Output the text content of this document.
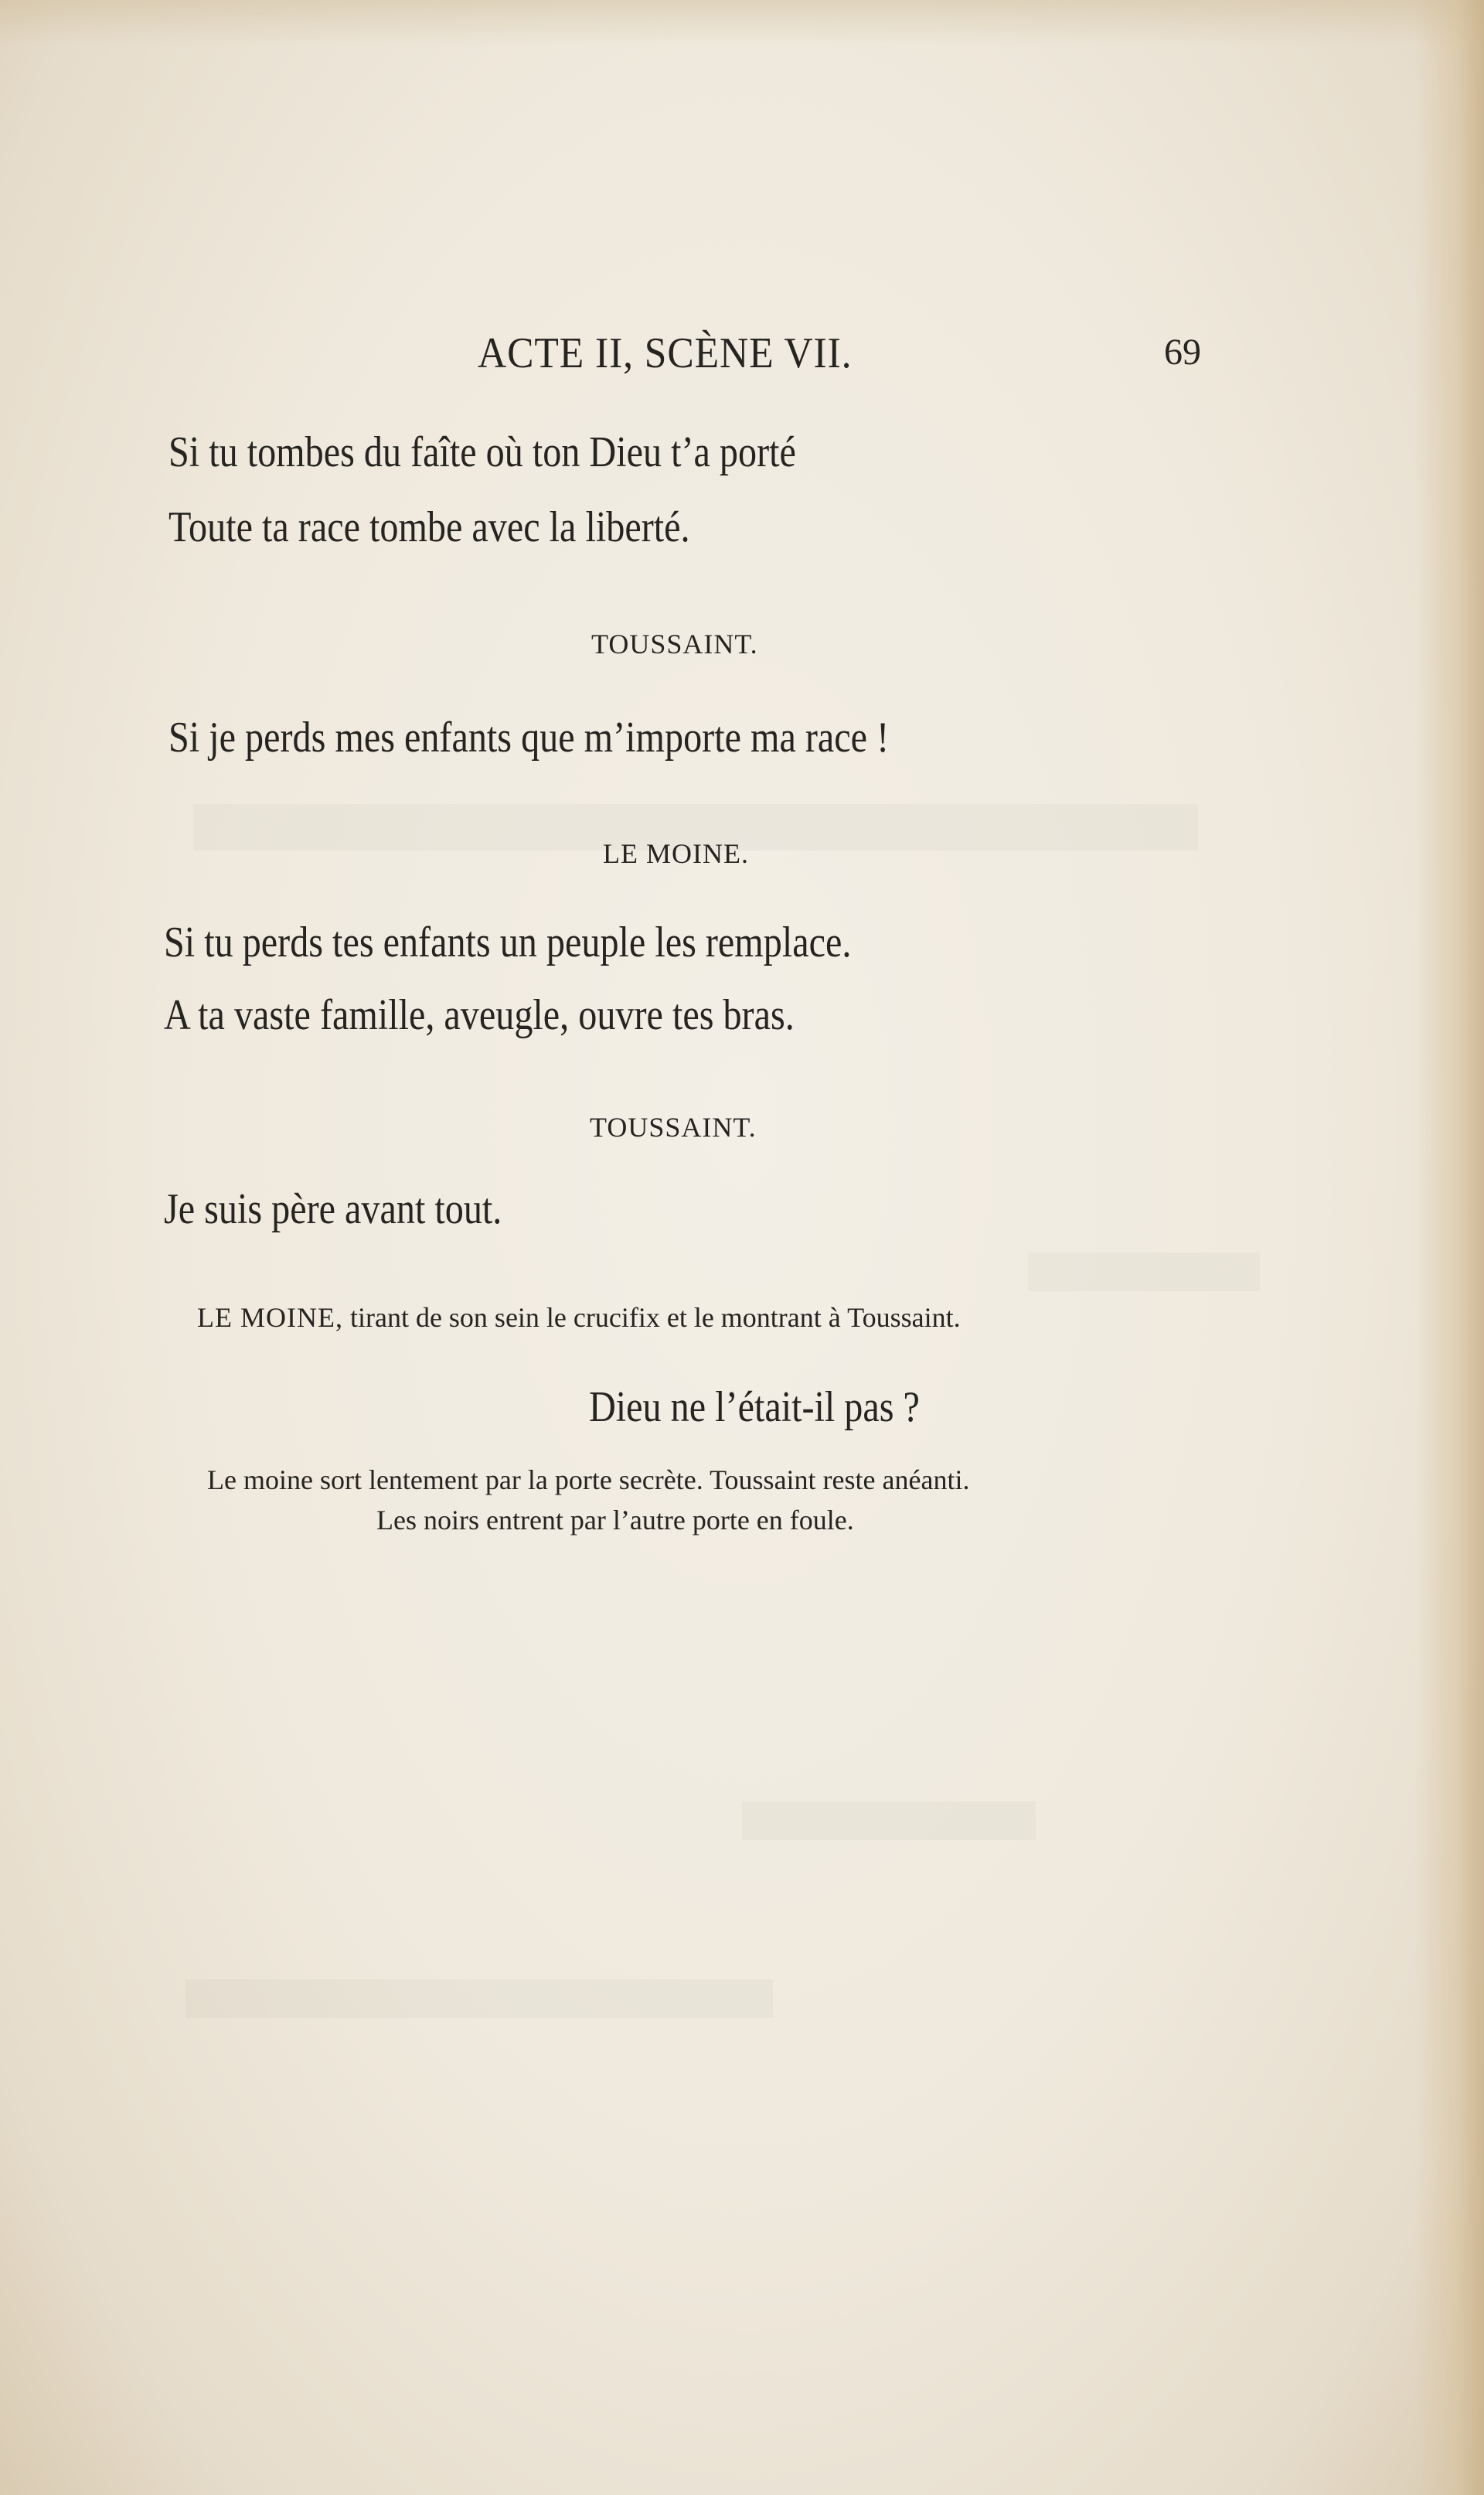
ACTE II, SCÈNE VII.	69
Si tu tombes du faîte où ton Dieu t’a porté
Toute ta race tombe avec la liberté.
TOUSSAINT.
Si je perds mes enfants que m’importe ma race !
LE MOINE.
Si tu perds tes enfants un peuple les remplace.
A ta vaste famille, aveugle, ouvre tes bras.
TOUSSAINT.
Je suis père avant tout.
LE MOINE, tirant de son sein le crucifix et le montrant à Toussaint.
Dieu ne l’était-il pas ?
Le moine sort lentement par la porte secrète. Toussaint reste anéanti.
Les noirs entrent par l’autre porte en foule.
